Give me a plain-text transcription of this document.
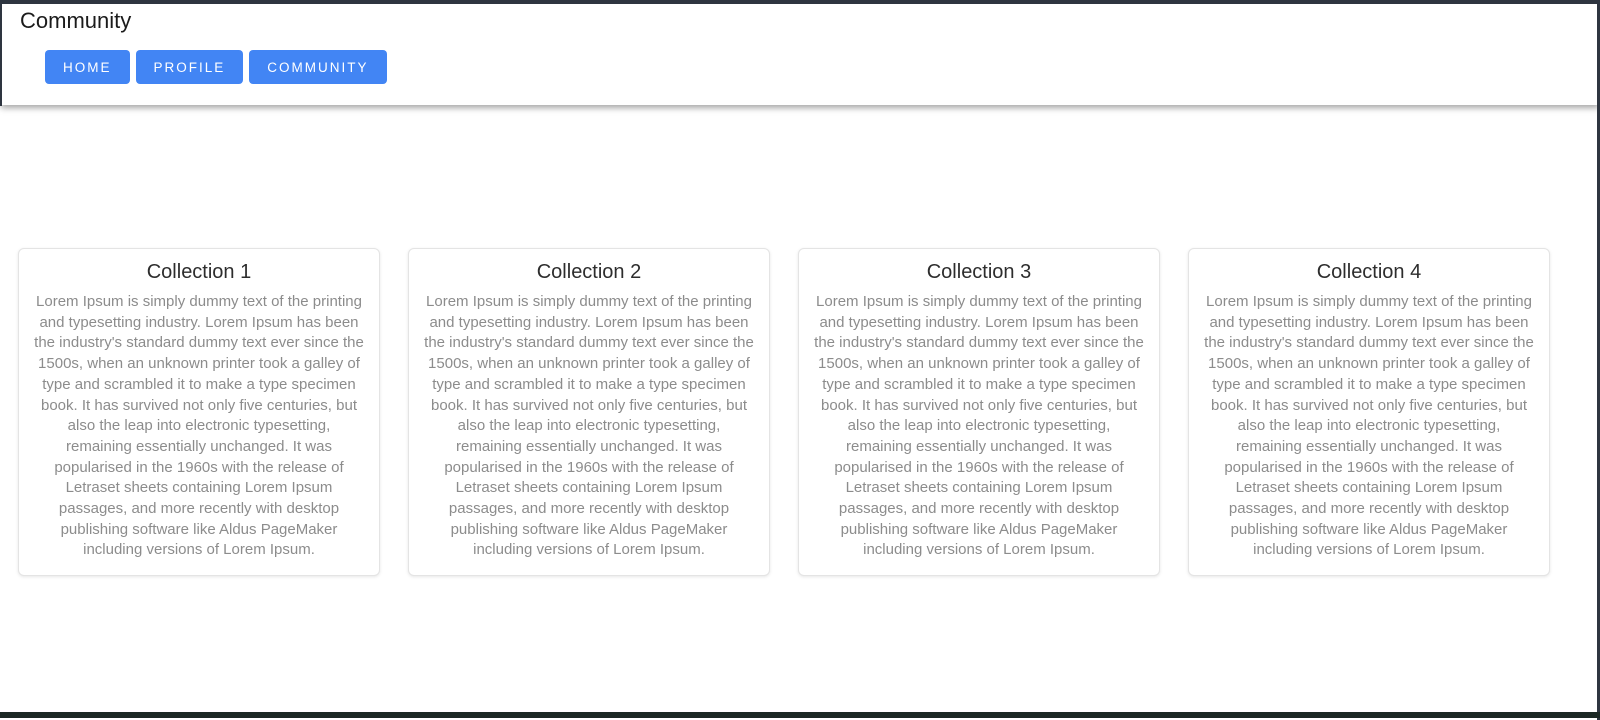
Community
HOME	PROFILE	COMMUNITY
Collection 1

Lorem Ipsum is simply dummy text of the printing and typesetting industry. Lorem Ipsum has been the industry's standard dummy text ever since the 1500s, when an unknown printer took a galley of type and scrambled it to make a type specimen book. It has survived not only five centuries, but also the leap into electronic typesetting, remaining essentially unchanged. It was popularised in the 1960s with the release of Letraset sheets containing Lorem Ipsum passages, and more recently with desktop publishing software like Aldus PageMaker including versions of Lorem Ipsum.

Collection 2

Lorem Ipsum is simply dummy text of the printing and typesetting industry. Lorem Ipsum has been the industry's standard dummy text ever since the 1500s, when an unknown printer took a galley of type and scrambled it to make a type specimen book. It has survived not only five centuries, but also the leap into electronic typesetting, remaining essentially unchanged. It was popularised in the 1960s with the release of Letraset sheets containing Lorem Ipsum passages, and more recently with desktop publishing software like Aldus PageMaker including versions of Lorem Ipsum.

Collection 3

Lorem Ipsum is simply dummy text of the printing and typesetting industry. Lorem Ipsum has been the industry's standard dummy text ever since the 1500s, when an unknown printer took a galley of type and scrambled it to make a type specimen book. It has survived not only five centuries, but also the leap into electronic typesetting, remaining essentially unchanged. It was popularised in the 1960s with the release of Letraset sheets containing Lorem Ipsum passages, and more recently with desktop publishing software like Aldus PageMaker including versions of Lorem Ipsum.

Collection 4

Lorem Ipsum is simply dummy text of the printing and typesetting industry. Lorem Ipsum has been the industry's standard dummy text ever since the 1500s, when an unknown printer took a galley of type and scrambled it to make a type specimen book. It has survived not only five centuries, but also the leap into electronic typesetting, remaining essentially unchanged. It was popularised in the 1960s with the release of Letraset sheets containing Lorem Ipsum passages, and more recently with desktop publishing software like Aldus PageMaker including versions of Lorem Ipsum.
